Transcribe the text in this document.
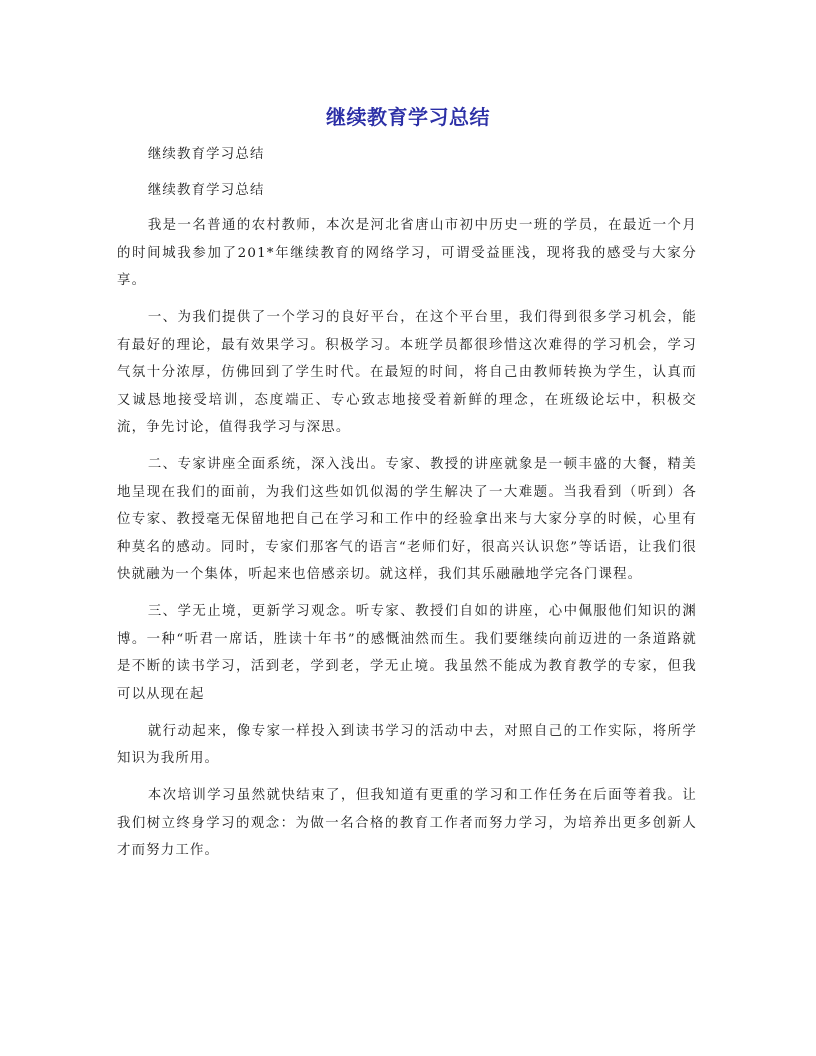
继续教育学习总结

继续教育学习总结

继续教育学习总结

我是一名普通的农村教师，本次是河北省唐山市初中历史一班的学员，在最近一个月的时间城我参加了201*年继续教育的网络学习，可谓受益匪浅，现将我的感受与大家分享。

一、为我们提供了一个学习的良好平台，在这个平台里，我们得到很多学习机会，能有最好的理论，最有效果学习。积极学习。本班学员都很珍惜这次难得的学习机会，学习气氛十分浓厚，仿佛回到了学生时代。在最短的时间，将自己由教师转换为学生，认真而又诚恳地接受培训，态度端正、专心致志地接受着新鲜的理念，在班级论坛中，积极交流，争先讨论，值得我学习与深思。

二、专家讲座全面系统，深入浅出。专家、教授的讲座就象是一顿丰盛的大餐，精美地呈现在我们的面前，为我们这些如饥似渴的学生解决了一大难题。当我看到（听到）各位专家、教授毫无保留地把自己在学习和工作中的经验拿出来与大家分享的时候，心里有种莫名的感动。同时，专家们那客气的语言“老师们好，很高兴认识您”等话语，让我们很快就融为一个集体，听起来也倍感亲切。就这样，我们其乐融融地学完各门课程。

三、学无止境，更新学习观念。听专家、教授们自如的讲座，心中佩服他们知识的渊博。一种“听君一席话，胜读十年书”的感慨油然而生。我们要继续向前迈进的一条道路就是不断的读书学习，活到老，学到老，学无止境。我虽然不能成为教育教学的专家，但我可以从现在起

就行动起来，像专家一样投入到读书学习的活动中去，对照自己的工作实际，将所学知识为我所用。

本次培训学习虽然就快结束了，但我知道有更重的学习和工作任务在后面等着我。让我们树立终身学习的观念：为做一名合格的教育工作者而努力学习，为培养出更多创新人才而努力工作。
